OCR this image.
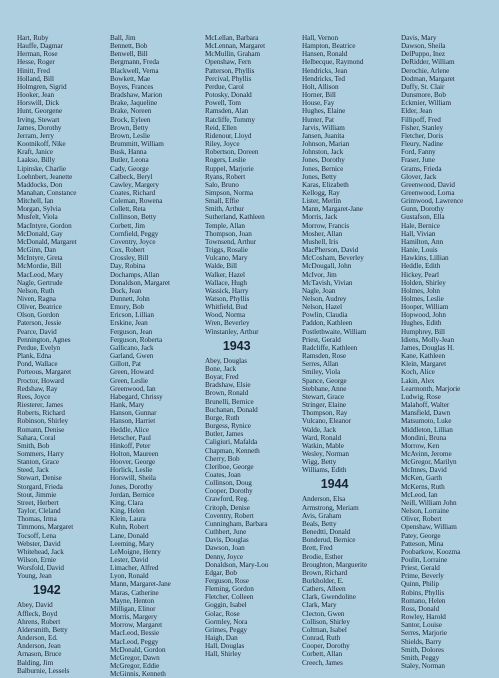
Hart, Ruby
Hauffe, Dagmar
Herman, Rose
Hesse, Roger
Hinitt, Fred
Holland, Bill
Holmgren, Sigrid
Hooker, Jean
Horswill, Dick
Hunt, Georgene
Irving, Stewart
James, Dorothy
Jerram, Jerry
Kootnikoff, Nike
Kraft, Janice
Laakso, Billy
Lipinske, Charlie
Loehnbert, Jeanette
Maddocks, Don
Manahan, Constance
Mitchell, Ian
Morgan, Sylvia
Musfelt, Viola
MacIntyre, Gordon
McDonald, Gay
McDonald, Margaret
McGinn, Dan
McIntyre, Greta
McMordie, Bill
MacLeod, Mary
Nagle, Gertrude
Nelson, Ruth
Niven, Ragna
Oliver, Beatrice
Olson, Gordon
Paterson, Jessie
Pearce, David
Pennington, Agnes
Perdue, Evelyn
Plank, Edna
Pond, Wallace
Porteous, Margaret
Proctor, Howard
Redshaw, Ray
Rees, Joyce
Riesterer, James
Roberts, Richard
Robinson, Shirley
Romann, Denise
Sahara, Coral
Smith, Bob
Sommers, Harry
Stanton, Grace
Steed, Jack
Stewart, Denise
Storgard, Frieda
Stout, Jimmie
Street, Herbert
Taylor, Cleland
Thomas, Irma
Timmons, Margaret
Tocsoff, Lena
Webster, David
Whitehead, Jack
Wilson, Ernie
Worsfold, David
Young, Jean
1942
Abey, David
Affleck, Boyd
Ahrens, Robert
Aldersmith, Betty
Anderson, Ed.
Anderson, Jean
Arnason, Bruce
Balding, Jim
Balburnie, Lessels
Ball, Jim
Bennett, Bob
Benwell, Bill
Bergmann, Freda
Blackwell, Verna
Bowkett, Mae
Boyes, Frances
Bradshaw, Marion
Brake, Jaqueline
Brake, Noreen
Brock, Eyleen
Brown, Betty
Brown, Leslie
Brummitt, William
Busk, Hanna
Butler, Leona
Cady, George
Calbeck, Beryl
Cawley, Margery
Coates, Richard
Coleman, Rowena
Collett, Reta
Collinson, Betty
Corbett, Jim
Cornfield, Peggy
Coventry, Joyce
Cox, Robert
Crossley, Bill
Day, Robina
Dochamps, Allan
Donaldson, Margaret
Dock, Jean
Dunnett, John
Emory, Bob
Ericson, Lillian
Erskine, Jean
Ferguson, Jean
Ferguson, Roberta
Gallicano, Jack
Garland, Gwen
Gillott, Pat
Green, Howard
Green, Leslie
Greenwood, Ian
Habegard, Chrissy
Hank, Mary
Hanson, Gunnar
Hanson, Harriet
Heddle, Alice
Hetscher, Paul
Hinkoff, Peter
Holton, Maureen
Hoover, George
Horlick, Leslie
Horswill, Sheila
Jones, Dorothy
Jordan, Bernice
King, Clara
King, Helen
Klein, Laura
Kuhn, Robert
Lane, Donald
Leeming, Mary
LeMoigne, Henry
Lester, David
Limacher, Alfred
Lyon, Ronald
Mann, Margaret-Jane
Maras, Catherine
Mayne, Henton
Milligan, Elinor
Morris, Margery
Morrow, Margaret
MacLeod, Bessie
MacLeod, Peggy
McDonald, Gordon
McGregor, Dawn
McGregor, Eddie
McGinnis, Kenneth
McLellan, Barbara
McLennan, Margaret
McMullin, Graham
Openshaw, Fern
Patterson, Phyllis
Percival, Phyllis
Perdue, Carol
Potosky, Donald
Powell, Tom
Ramsden, Alan
Ratcliffe, Tommy
Reid, Ellen
Ridenour, Lloyd
Riley, Joyce
Robertson, Doreen
Rogers, Leslie
Ruppel, Marjorie
Ryans, Robert
Salo, Bruno
Simpson, Norma
Small, Effie
Smith, Arthur
Sutherland, Kathleen
Temple, Allan
Thompson, Joan
Townsend, Arthur
Triggs, Rosalie
Vulcano, Mary
Walde, Bill
Walker, Hazel
Wallace, Hugh
Wassick, Harry
Watson, Phyllis
Whitfield, Bud
Wood, Norma
Wren, Beverley
Winstanley, Arthur
1943
Abey, Douglas
Bone, Jack
Boyar, Fred
Bradshaw, Elsie
Brown, Ronald
Brunelli, Bernice
Buchanan, Donald
Burge, Ruth
Burgess, Rynice
Butler, James
Caligiuri, Mafalda
Chapman, Kenneth
Cherry, Bob
Cleriboe, George
Coates, Joan
Collinson, Doug
Cooper, Dorothy
Crawford, Reg.
Critoph, Denise
Coventry, Robert
Cunningham, Barbara
Cuthbert, June
Davis, Douglas
Dawson, Joan
Denny, Joyce
Donaldson, Mary-Lou
Edgar, Bob
Ferguson, Rose
Fleming, Gordon
Fletcher, Colleen
Goggin, Isabel
Golac, Rose
Gormley, Nora
Grimes, Peggy
Haigh, Dan
Hall, Douglas
Hall, Shirley
Hall, Vernon
Hampton, Beatrice
Hansen, Ronald
Helbecque, Raymond
Hendricks, Jean
Hendricks, Ted
Holt, Allison
Horner, Bill
House, Fay
Hughes, Elaine
Hunter, Pat
Jarvis, William
Jansen, Juanita
Johnson, Marian
Johnston, Jack
Jones, Dorothy
Jones, Bernice
Jones, Betty
Karas, Elizabeth
Kellogg, Ray
Lister, Merlin
Mann, Margaret-Jane
Morris, Jack
Morrow, Francis
Mosher, Allan
Mushell, Iris
MacPherson, David
McCosham, Beverley
McDougall, John
McIvor, Jim
McTavish, Vivian
Nagle, Joan
Nelson, Audrey
Nelson, Hazel
Powlin, Claudia
Paddon, Kathleen
Postlethwaite, William
Priest, Gerald
Radcliffe, Kathleen
Ramsden, Rose
Serres, Allan
Smiley, Viola
Spance, George
Stebbane, Anne
Stewart, Grace
Stringer, Elaine
Thompson, Ray
Vulcano, Eleanor
Walde, Jack
Ward, Ronald
Watkin, Mable
Wesley, Norman
Wigg, Betty
Williams, Edith
1944
Anderson, Elsa
Armstrong, Meriam
Avis, Graham
Beals, Betty
Benedtti, Donald
Bonderud, Bernice
Brett, Fred
Brodie, Esther
Broughton, Marguerite
Brown, Richard
Burkholder, E.
Cathers, Alleen
Clark, Gwendoline
Clark, Mary
Clecton, Gwen
Collison, Shirley
Coltman, Isabel
Conrad, Ruth
Cooper, Dorothy
Corbett, Allan
Creech, James
Davis, Mary
Dawson, Sheila
DelPuppo, Inez
DeRidder, William
Derochie, Arlene
Dodman, Margaret
Duffy, St. Clair
Dunsmore, Bob
Eckmier, William
Elder, Jean
Fillipoff, Fred
Fisher, Stanley
Fletcher, Doris
Fleury, Nadine
Ford, Fanny
Fraser, June
Grams, Frieda
Glover, Jack
Greenwood, David
Greenwood, Lorna
Grimwood, Lawrence
Gunn, Dorothy
Gustafson, Ella
Hale, Bernice
Hall, Vivian
Hamilton, Ann
Hanie, Louis
Hawkins, Lillian
Heddle, Edith
Hickey, Pearl
Holden, Shirley
Holmes, John
Holmes, Leslie
Hooper, William
Hopwood, John
Hughes, Edith
Humphrey, Bill
Idiens, Molly-Jean
James, Douglas H.
Kane, Kathleen
Klein, Margaret
Koch, Alice
Lakin, Alex
Learmonth, Marjorie
Ludwig, Rose
Malahoff, Walter
Mansfield, Dawn
Matsumoto, Luke
Middleton, Lillian
Mondini, Bruna
Morrow, Ken
McAvinn, Jerome
McGregor, Marilyn
McInnes, David
McKen, Garth
McKerns, Ruth
McLeod, Ian
Neill, William John
Nelson, Lorraine
Oliver, Robert
Openshaw, William
Patey, George
Patteson, Mina
Poobarkow, Koozma
Poulin, Lorraine
Priest, Gerald
Prime, Beverly
Quinn, Philip
Robins, Phyllis
Romano, Helen
Ross, Donald
Rowley, Harold
Santor, Louise
Serres, Marjorie
Shields, Barry
Smith, Dolores
Smith, Peggy
Staley, Norman
